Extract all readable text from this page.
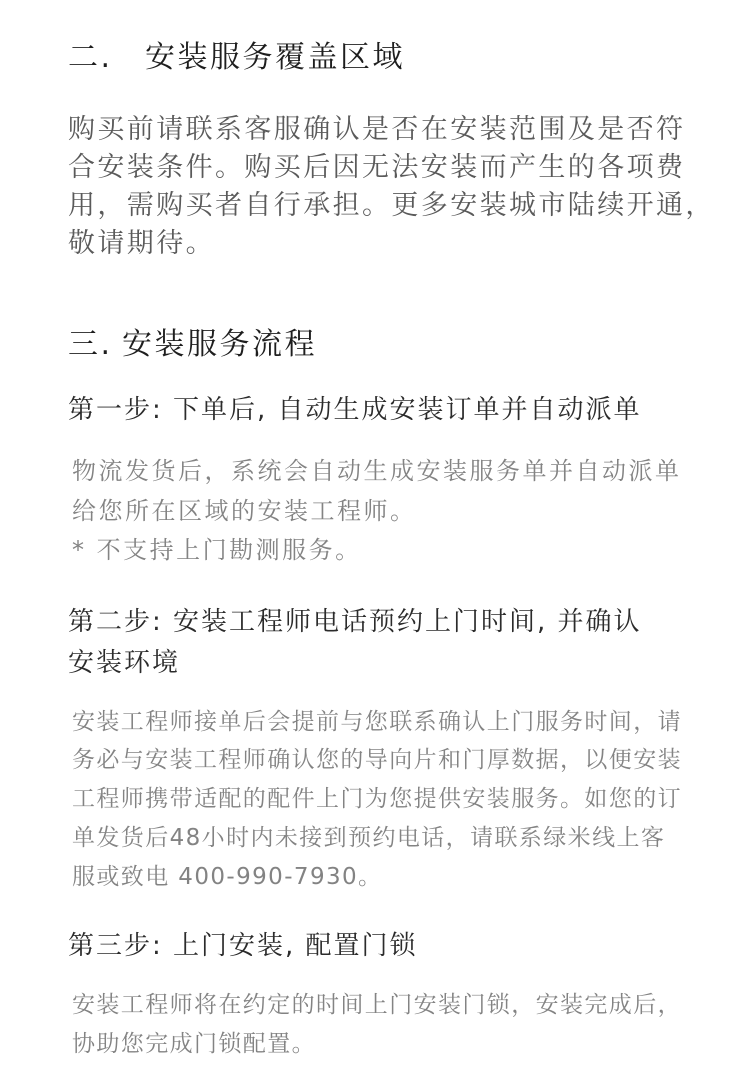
二. 安装服务覆盖区域
购买前请联系客服确认是否在安装范围及是否符
合安装条件。购买后因无法安装而产生的各项费
用，需购买者自行承担。更多安装城市陆续开通，
敬请期待。
三. 安装服务流程
第一步: 下单后, 自动生成安装订单并自动派单
物流发货后，系统会自动生成安装服务单并自动派单
给您所在区域的安装工程师。
* 不支持上门勘测服务。
第二步: 安装工程师电话预约上门时间, 并确认
安装环境
安装工程师接单后会提前与您联系确认上门服务时间，请
务必与安装工程师确认您的导向片和门厚数据，以便安装
工程师携带适配的配件上门为您提供安装服务。如您的订
单发货后48小时内未接到预约电话，请联系绿米线上客
服或致电 400-990-7930。
第三步: 上门安装, 配置门锁
安装工程师将在约定的时间上门安装门锁，安装完成后，
协助您完成门锁配置。
